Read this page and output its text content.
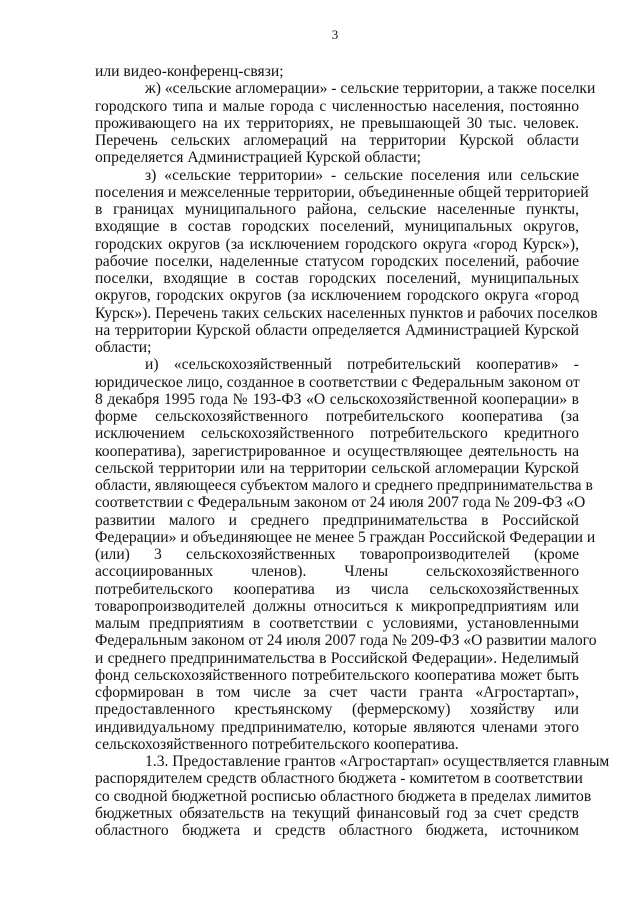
3
или видео-конференц-связи;
ж) «сельские агломерации» - сельские территории, а также поселки
городского типа и малые города с численностью населения, постоянно
проживающего на их территориях, не превышающей 30 тыс. человек.
Перечень сельских агломераций на территории Курской области
определяется Администрацией Курской области;
з) «сельские территории» - сельские поселения или сельские
поселения и межселенные территории, объединенные общей территорией
в границах муниципального района, сельские населенные пункты,
входящие в состав городских поселений, муниципальных округов,
городских округов (за исключением городского округа «город Курск»),
рабочие поселки, наделенные статусом городских поселений, рабочие
поселки, входящие в состав городских поселений, муниципальных
округов, городских округов (за исключением городского округа «город
Курск»). Перечень таких сельских населенных пунктов и рабочих поселков
на территории Курской области определяется Администрацией Курской
области;
и) «сельскохозяйственный потребительский кооператив» -
юридическое лицо, созданное в соответствии с Федеральным законом от
8 декабря 1995 года № 193-ФЗ «О сельскохозяйственной кооперации» в
форме сельскохозяйственного потребительского кооператива (за
исключением сельскохозяйственного потребительского кредитного
кооператива), зарегистрированное и осуществляющее деятельность на
сельской территории или на территории сельской агломерации Курской
области, являющееся субъектом малого и среднего предпринимательства в
соответствии с Федеральным законом от 24 июля 2007 года № 209-ФЗ «О
развитии малого и среднего предпринимательства в Российской
Федерации» и объединяющее не менее 5 граждан Российской Федерации и
(или) 3 сельскохозяйственных товаропроизводителей (кроме
ассоциированных членов). Члены сельскохозяйственного
потребительского кооператива из числа сельскохозяйственных
товаропроизводителей должны относиться к микропредприятиям или
малым предприятиям в соответствии с условиями, установленными
Федеральным законом от 24 июля 2007 года № 209-ФЗ «О развитии малого
и среднего предпринимательства в Российской Федерации». Неделимый
фонд сельскохозяйственного потребительского кооператива может быть
сформирован в том числе за счет части гранта «Агростартап»,
предоставленного крестьянскому (фермерскому) хозяйству или
индивидуальному предпринимателю, которые являются членами этого
сельскохозяйственного потребительского кооператива.
1.3. Предоставление грантов «Агростартап» осуществляется главным
распорядителем средств областного бюджета - комитетом в соответствии
со сводной бюджетной росписью областного бюджета в пределах лимитов
бюджетных обязательств на текущий финансовый год за счет средств
областного бюджета и средств областного бюджета, источником
